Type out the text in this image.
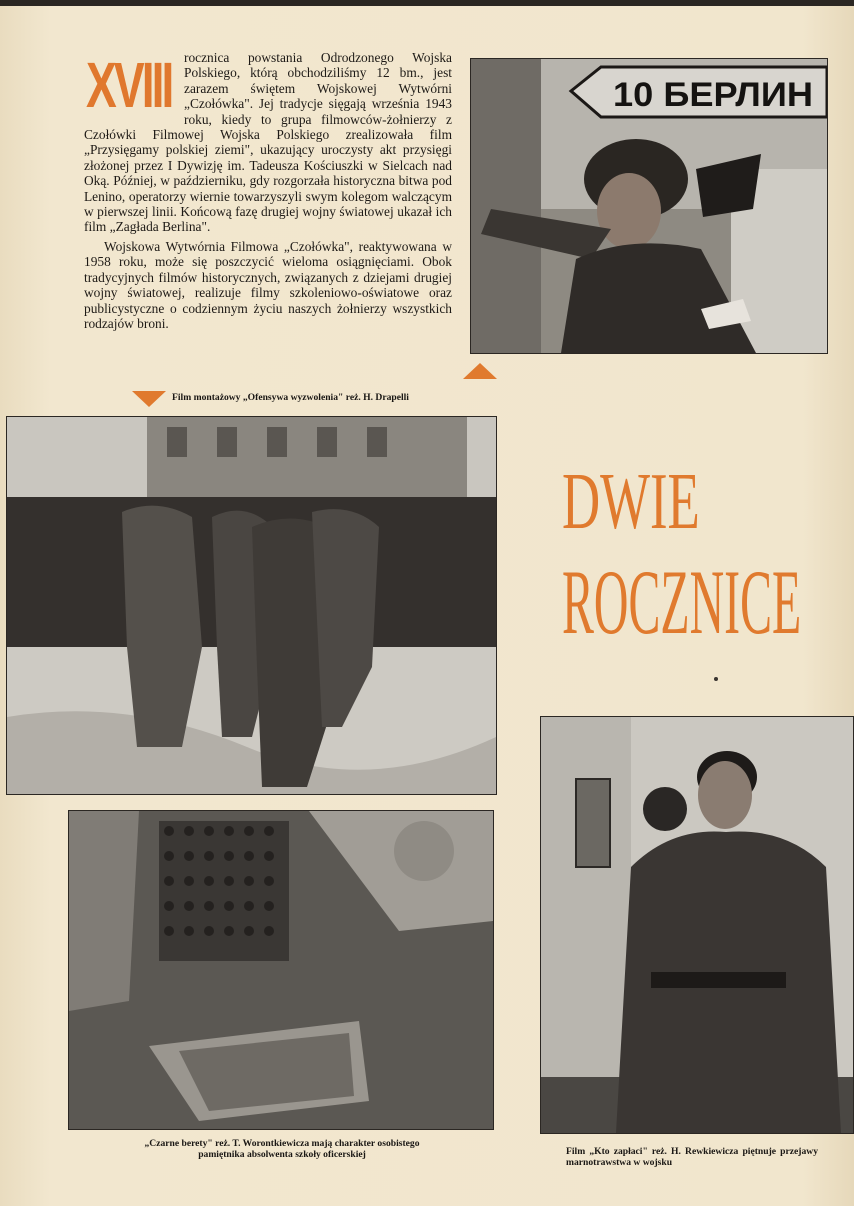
XVIII rocznica powstania Odrodzonego Wojska Polskiego, którą obchodziliśmy 12 bm., jest zarazem świętem Wojskowej Wytwórni „Czołówka". Jej tradycje sięgają września 1943 roku, kiedy to grupa filmowców-żołnierzy z Czołówki Filmowej Wojska Polskiego zrealizowała film „Przysięgamy polskiej ziemi", ukazujący uroczysty akt przysięgi złożonej przez I Dywizję im. Tadeusza Kościuszki w Sielcach nad Oką. Później, w październiku, gdy rozgorzała historyczna bitwa pod Lenino, operatorzy wiernie towarzyszyli swym kolegom walczącym w pierwszej linii. Końcową fazę drugiej wojny światowej ukazał ich film „Zagłada Berlina".

Wojskowa Wytwórnia Filmowa „Czołówka", reaktywowana w 1958 roku, może się poszczycić wieloma osiągnięciami. Obok tradycyjnych filmów historycznych, związanych z dziejami drugiej wojny światowej, realizuje filmy szkoleniowo-oświatowe oraz publicystyczne o codziennym życiu naszych żołnierzy wszystkich rodzajów broni.

10 БЕРЛИН
Film montażowy „Ofensywa wyzwolenia" reż. H. Drapelli
DWIE
ROCZNICE
„Czarne berety" reż. T. Worontkiewicza mają charakter osobistego pamiętnika absolwenta szkoły oficerskiej	Film „Kto zapłaci" reż. H. Rewkiewicza piętnuje przejawy marnotrawstwa w wojsku
